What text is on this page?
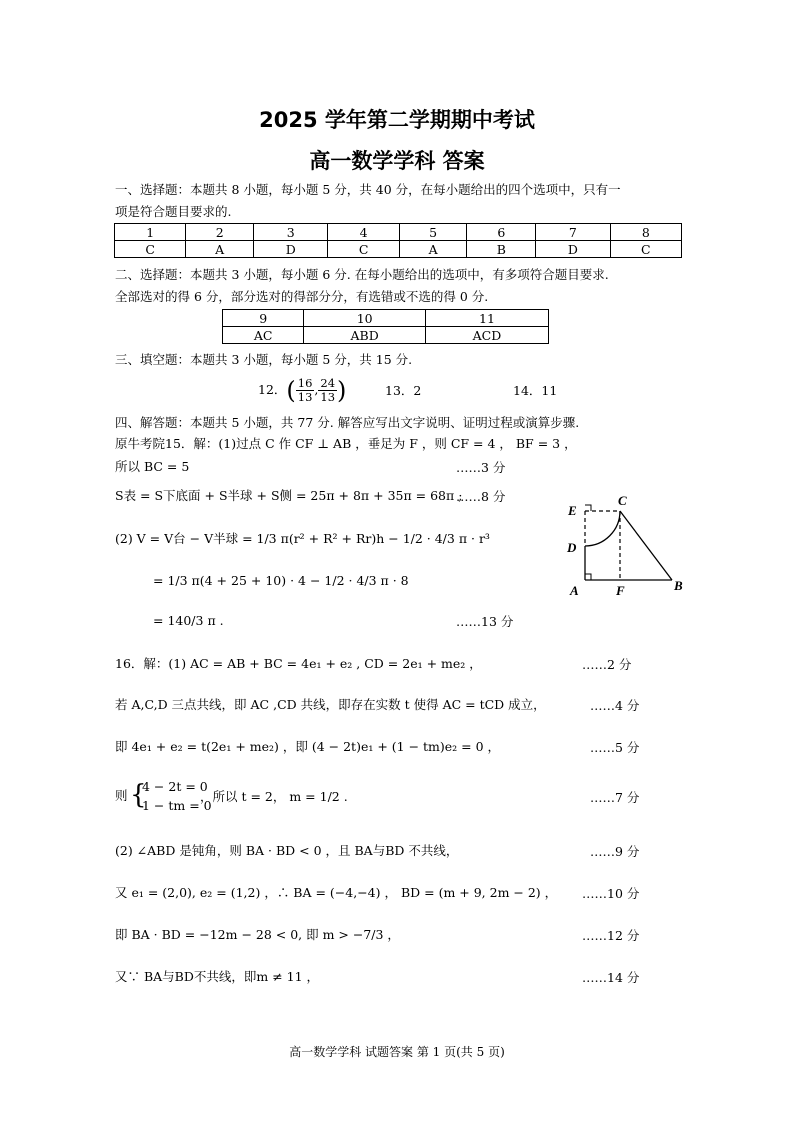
2025 学年第二学期期中考试
高一数学学科 答案
一、选择题：本题共 8 小题，每小题 5 分，共 40 分，在每小题给出的四个选项中，只有一
项是符合题目要求的.
1	2	3	4	5	6	7	8
C	A	D	C	A	B	D	C
二、选择题：本题共 3 小题，每小题 6 分. 在每小题给出的选项中，有多项符合题目要求.
全部选对的得 6 分，部分选对的得部分分，有选错或不选的得 0 分.
9	10	11
AC	ABD	ACD
三、填空题：本题共 3 小题，每小题 5 分，共 15 分.
12．( $\frac{16}{13}$ , $\frac{24}{13}$ )	13．2	14．11
四、解答题：本题共 5 小题，共 77 分. 解答应写出文字说明、证明过程或演算步骤.
原牛考院15．解：(1)过点 C 作 CF ⊥ AB ，垂足为 F ，则 CF = 4 ， BF = 3 ，
所以 BC = 5	……3 分
S表 = S下底面 + S半球 + S侧 = 25π + 8π + 35π = 68π ;
……8 分
(2) V = V台 − V半球 = 1/3 π(r² + R² + Rr)h − 1/2 · 4/3 π · r³
= 1/3 π(4 + 25 + 10) · 4 − 1/2 · 4/3 π · 8
= 140/3 π .	……13 分
E
C
D
A	F	B
16．解：(1) AC = AB + BC = 4e₁ + e₂ , CD = 2e₁ + me₂ ，	……2 分
若 A,C,D 三点共线，即 AC ,CD 共线，即存在实数 t 使得 AC = tCD 成立，	……4 分
即 4e₁ + e₂ = t(2e₁ + me₂) ，即 (4 − 2t)e₁ + (1 − tm)e₂ = 0 ，	……5 分
则 {
4 − 2t = 0
1 − tm = 0
，所以 t = 2， m = 1/2 .	……7 分
(2) ∠ABD 是钝角，则 BA · BD < 0 ，且 BA与BD 不共线，	……9 分
又 e₁ = (2,0), e₂ = (1,2) ，∴ BA = (−4,−4) ， BD = (m + 9, 2m − 2) ， ……10 分
即 BA · BD = −12m − 28 < 0, 即 m > −7/3 ，	……12 分
又∵ BA与BD不共线，即m ≠ 11 ，	……14 分
高一数学学科 试题答案 第 1 页(共 5 页)
